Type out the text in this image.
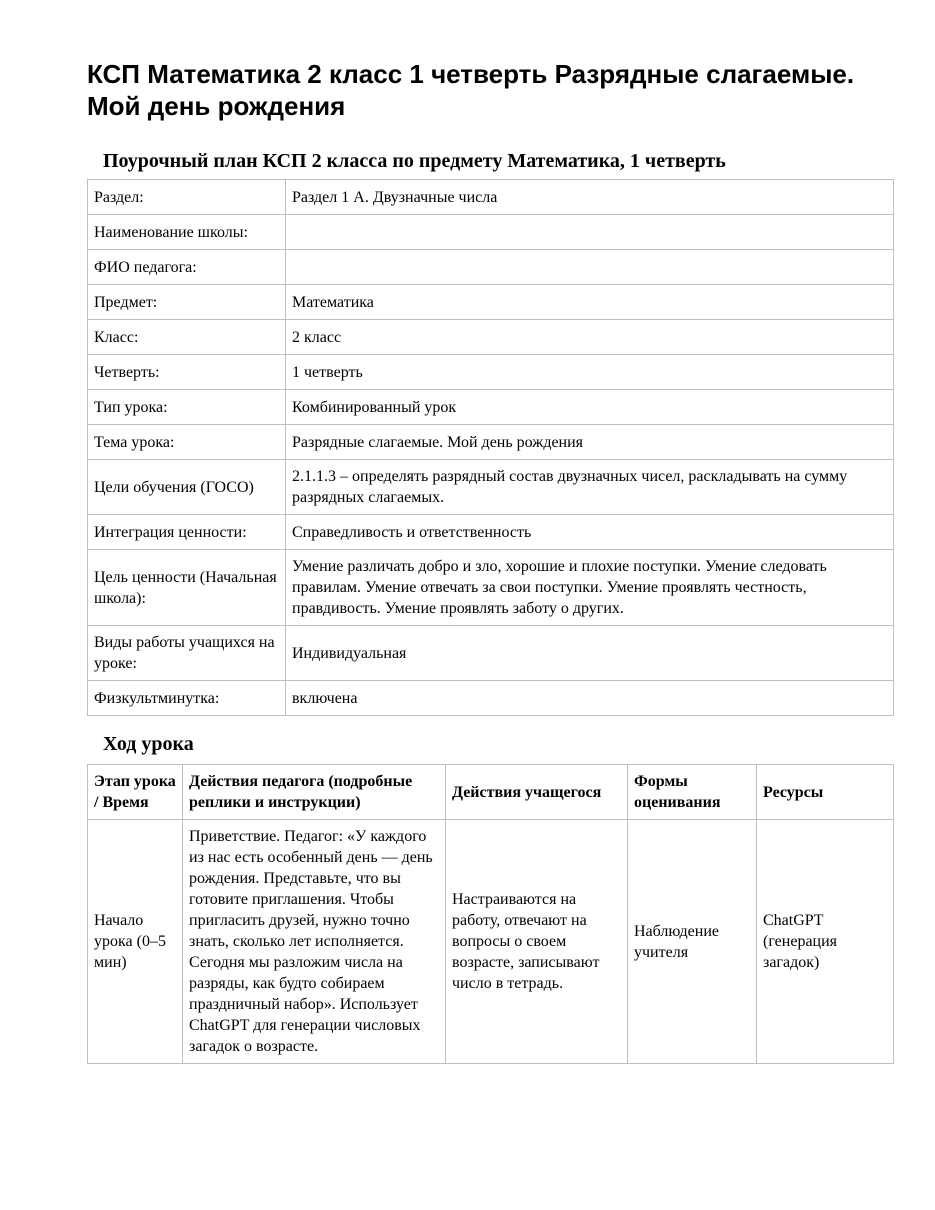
КСП Математика 2 класс 1 четверть Разрядные слагаемые. Мой день рождения
Поурочный план КСП 2 класса по предмету Математика, 1 четверть
Раздел:	Раздел 1 А. Двузначные числа
Наименование школы:	
ФИО педагога:	
Предмет:	Математика
Класс:	2 класс
Четверть:	1 четверть
Тип урока:	Комбинированный урок
Тема урока:	Разрядные слагаемые. Мой день рождения
Цели обучения (ГОСО)	2.1.1.3 – определять разрядный состав двузначных чисел, раскладывать на сумму разрядных слагаемых.
Интеграция ценности:	Справедливость и ответственность
Цель ценности (Начальная школа):	Умение различать добро и зло, хорошие и плохие поступки. Умение следовать правилам. Умение отвечать за свои поступки. Умение проявлять честность, правдивость. Умение проявлять заботу о других.
Виды работы учащихся на уроке:	Индивидуальная
Физкультминутка:	включена
Ход урока
Этап урока / Время	Действия педагога (подробные реплики и инструкции)	Действия учащегося	Формы оценивания	Ресурсы
Начало урока (0–5 мин)	Приветствие. Педагог: «У каждого из нас есть особенный день — день рождения. Представьте, что вы готовите приглашения. Чтобы пригласить друзей, нужно точно знать, сколько лет исполняется. Сегодня мы разложим числа на разряды, как будто собираем праздничный набор». Использует ChatGPT для генерации числовых загадок о возрасте.	Настраиваются на работу, отвечают на вопросы о своем возрасте, записывают число в тетрадь.	Наблюдение учителя	ChatGPT (генерация загадок)
